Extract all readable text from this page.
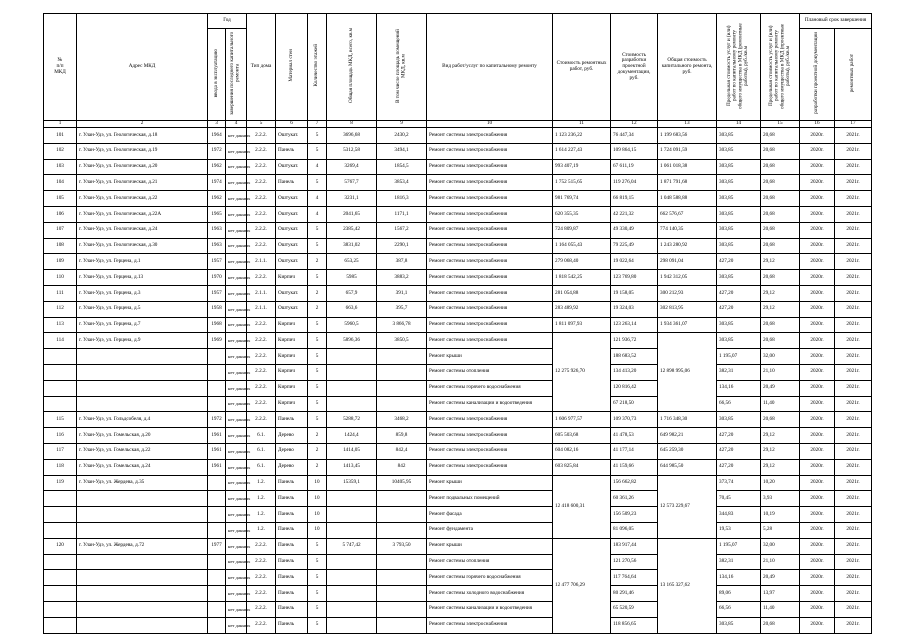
№
п/п
МКД	Адрес МКД	Год		Тип дома	Материал стен	Количество этажей	Общая площадь МКД, всего, кв.м	В том числе площадь помещений МКД, кв.м	Вид работ/услуг по капитальному ремонту	Стоимость ремонтных работ, руб.	Стоимость разработки проектной документации, руб.	Общая стоимость капитального ремонта, руб.	Предельная стоимость услуг и (или) работ по капитальному ремонту общего имущества в МКД (ремонтные работы), руб./кв.м	Предельная стоимость услуг и (или) работ по капитальному ремонту общего имущества в МКД (проектные работы), руб./кв.м	Плановый срок завершения	
		ввода в эксплуатацию	завершения последнего капитального ремонта												разработки проектной документации	ремонтных работ
1	2	3	4	5	6	7	8	9	10	11	12	13	14	15	16	17
101	г. Улан-Удэ, ул. Геологическая, д.18	1964	нет данных	2.2.2.	Оштукат.	5	3696,68	2430,2	Ремонт системы электроснабжения	1 123 236,22	76 447,34	1 199 683,56	303,85	20,68	2020г.	2021г.
102	г. Улан-Удэ, ул. Геологическая, д.19	1972	нет данных	2.2.2.	Панель	5	5312,58	3494,1	Ремонт системы электроснабжения	1 614 227,43	109 864,15	1 724 091,59	303,85	20,68	2020г.	2021г.
103	г. Улан-Удэ, ул. Геологическая, д.20	1962	нет данных	2.2.2.	Оштукат.	4	3269,4	1854,5	Ремонт системы электроснабжения	993 407,19	67 611,19	1 061 018,38	303,85	20,68	2020г.	2021г.
104	г. Улан-Удэ, ул. Геологическая, д.21	1974	нет данных	2.2.2.	Панель	5	5767,7	3853,4	Ремонт системы электроснабжения	1 752 515,65	119 276,04	1 871 791,68	303,85	20,68	2020г.	2021г.
105	г. Улан-Удэ, ул. Геологическая, д.22	1962	нет данных	2.2.2.	Оштукат.	4	3231,1	1816,3	Ремонт системы электроснабжения	981 769,74	66 819,15	1 048 588,88	303,85	20,68	2020г.	2021г.
106	г. Улан-Удэ, ул. Геологическая, д.22А	1965	нет данных	2.2.2.	Оштукат.	4	2041,65	1171,1	Ремонт системы электроснабжения	620 355,35	42 221,32	662 576,67	303,85	20,68	2020г.	2021г.
107	г. Улан-Удэ, ул. Геологическая, д.24	1963	нет данных	2.2.2.	Оштукат.	5	2385,42	1567,2	Ремонт системы электроснабжения	724 809,87	49 330,49	774 140,35	303,85	20,68	2020г.	2021г.
108	г. Улан-Удэ, ул. Геологическая, д.30	1963	нет данных	2.2.2.	Оштукат.	5	3831,02	2290,1	Ремонт системы электроснабжения	1 164 055,43	79 225,49	1 243 280,92	303,85	20,68	2020г.	2021г.
109	г. Улан-Удэ, ул. Герцена, д.1	1957	нет данных	2.1.1.	Оштукат.	2	653,25	387,8	Ремонт системы электроснабжения	279 068,40	19 022,64	298 091,04	427,20	29,12	2020г.	2021г.
110	г. Улан-Удэ, ул. Герцена, д.13	1970	нет данных	2.2.2.	Кирпич	5	5985	3883,2	Ремонт системы электроснабжения	1 818 542,25	123 769,80	1 942 312,05	303,85	20,68	2020г.	2021г.
111	г. Улан-Удэ, ул. Герцена, д.3	1957	нет данных	2.1.1.	Оштукат.	2	657,9	391,1	Ремонт системы электроснабжения	281 054,88	19 158,05	300 212,93	427,20	29,12	2020г.	2021г.
112	г. Улан-Удэ, ул. Герцена, д.5	1958	нет данных	2.1.1.	Оштукат.	2	663,6	395,7	Ремонт системы электроснабжения	283 489,92	19 324,03	302 813,95	427,20	29,12	2020г.	2021г.
113	г. Улан-Удэ, ул. Герцена, д.7	1968	нет данных	2.2.2.	Кирпич	5	5960,5	3 866,78	Ремонт системы электроснабжения	1 811 097,93	123 263,14	1 934 361,07	303,85	20,68	2020г.	2021г.
114	г. Улан-Удэ, ул. Герцена, д.9	1969	нет данных	2.2.2.	Кирпич	5	5896,36	3850,5	Ремонт системы электроснабжения	12 275 926,70	121 936,72	12 898 995,06	303,85	20,68	2020г.	2021г.
			нет данных	2.2.2.	Кирпич	5			Ремонт крыши		188 683,52		1 195,07	32,00	2020г.	2021г.
			нет данных	2.2.2.	Кирпич	5			Ремонт системы отопления		134 413,20		382,31	21,10	2020г.	2021г.
			нет данных	2.2.2.	Кирпич	5			Ремонт системы горячего водоснабжения		120 816,42		134,16	20,49	2020г.	2021г.
			нет данных	2.2.2.	Кирпич	5			Ремонт системы канализации и водоотведения		67 218,50		66,56	11,40	2020г.	2021г.
115	г. Улан-Удэ, ул. Гольдсобеля, д.4	1972	нет данных	2.2.2.	Панель	5	5288,72	3468,2	Ремонт системы электроснабжения	1 606 977,57	109 370,73	1 716 348,30	303,85	20,68	2020г.	2021г.
116	г. Улан-Удэ, ул. Гомельская, д.20	1961	нет данных	6.1.	Дерево	2	1424,4	859,8	Ремонт системы электроснабжения	605 503,68	41 478,53	649 982,21	427,20	29,12	2020г.	2021г.
117	г. Улан-Удэ, ул. Гомельская, д.22	1961	нет данных	6.1.	Дерево	2	1414,05	842,4	Ремонт системы электроснабжения	604 082,16	41 177,14	645 259,30	427,20	29,12	2020г.	2021г.
118	г. Улан-Удэ, ул. Гомельская, д.24	1961	нет данных	6.1.	Дерево	2	1413,45	842	Ремонт системы электроснабжения	603 825,84	41 159,66	644 985,50	427,20	29,12	2020г.	2021г.
119	г. Улан-Удэ, ул. Жердева, д.35		нет данных	1.2.	Панель	10	15359,1	10405,95	Ремонт крыши	12 418 600,31	156 662,82	12 573 229,67	373,74	10,20	2020г.	2021г.
			нет данных	1.2.	Панель	10			Ремонт подвальных помещений		60 361,26		70,45	3,93	2020г.	2021г.
			нет данных	1.2.	Панель	10			Ремонт фасада		156 509,23		344,83	10,19	2020г.	2021г.
			нет данных	1.2.	Панель	10			Ремонт фундамента		81 096,05		19,53	5,28	2020г.	2021г.
120	г. Улан-Удэ, ул. Жердева, д.72	1977	нет данных	2.2.2.	Панель	5	5 747,42	3 793,50	Ремонт крыши	12 477 706,29	183 917,44	13 165 327,62	1 195,07	32,00	2020г.	2021г.
			нет данных	2.2.2.	Панель	5			Ремонт системы отопления		121 270,56		382,31	21,10	2020г.	2021г.
			нет данных	2.2.2.	Панель	5			Ремонт системы горячего водоснабжения		117 764,64		134,16	20,49	2020г.	2021г.
			нет данных	2.2.2.	Панель	5			Ремонт системы холодного водоснабжения		80 291,46		89,06	13,97	2020г.	2021г.
			нет данных	2.2.2.	Панель	5			Ремонт системы канализации и водоотведения		65 520,59		66,56	11,40	2020г.	2021г.
			нет данных	2.2.2.	Панель	5			Ремонт системы электроснабжения		118 856,65		303,85	20,68	2020г.	2021г.
